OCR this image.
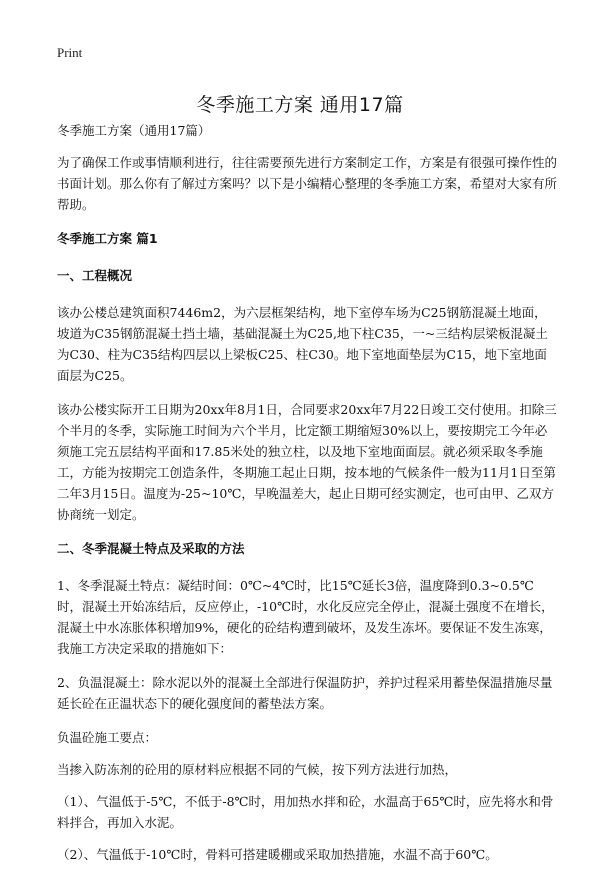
Print
冬季施工方案 通用17篇

冬季施工方案（通用17篇）

为了确保工作或事情顺利进行，往往需要预先进行方案制定工作，方案是有很强可操作性的书面计划。那么你有了解过方案吗？以下是小编精心整理的冬季施工方案，希望对大家有所帮助。

冬季施工方案 篇1
一、工程概况

该办公楼总建筑面积7446m2，为六层框架结构，地下室停车场为C25钢筋混凝土地面，坡道为C35钢筋混凝土挡土墙，基础混凝土为C25,地下柱C35，一~三结构层梁板混凝土为C30、柱为C35结构四层以上梁板C25、柱C30。地下室地面垫层为C15，地下室地面面层为C25。

该办公楼实际开工日期为20xx年8月1日，合同要求20xx年7月22日竣工交付使用。扣除三个半月的冬季，实际施工时间为六个半月，比定额工期缩短30%以上，要按期完工今年必须施工完五层结构平面和17.85米处的独立柱，以及地下室地面面层。就必须采取冬季施工，方能为按期完工创造条件，冬期施工起止日期，按本地的气候条件一般为11月1日至第二年3月15日。温度为-25~10℃，早晚温差大，起止日期可经实测定，也可由甲、乙双方协商统一划定。

二、冬季混凝土特点及采取的方法

1、冬季混凝土特点：凝结时间：0℃~4℃时，比15℃延长3倍，温度降到0.3~0.5℃时，混凝土开始冻结后，反应停止，-10℃时，水化反应完全停止，混凝土强度不在增长，混凝土中水冻胀体积增加9%，硬化的砼结构遭到破坏，及发生冻坏。要保证不发生冻寒，我施工方决定采取的措施如下：

2、负温混凝土：除水泥以外的混凝土全部进行保温防护，养护过程采用蓄垫保温措施尽量延长砼在正温状态下的硬化强度间的蓄垫法方案。

负温砼施工要点：

当掺入防冻剂的砼用的原材料应根据不同的气候，按下列方法进行加热，

（1）、气温低于-5℃，不低于-8℃时，用加热水拌和砼，水温高于65℃时，应先将水和骨料拌合，再加入水泥。

（2）、气温低于-10℃时，骨料可搭建暖棚或采取加热措施，水温不高于60℃。
